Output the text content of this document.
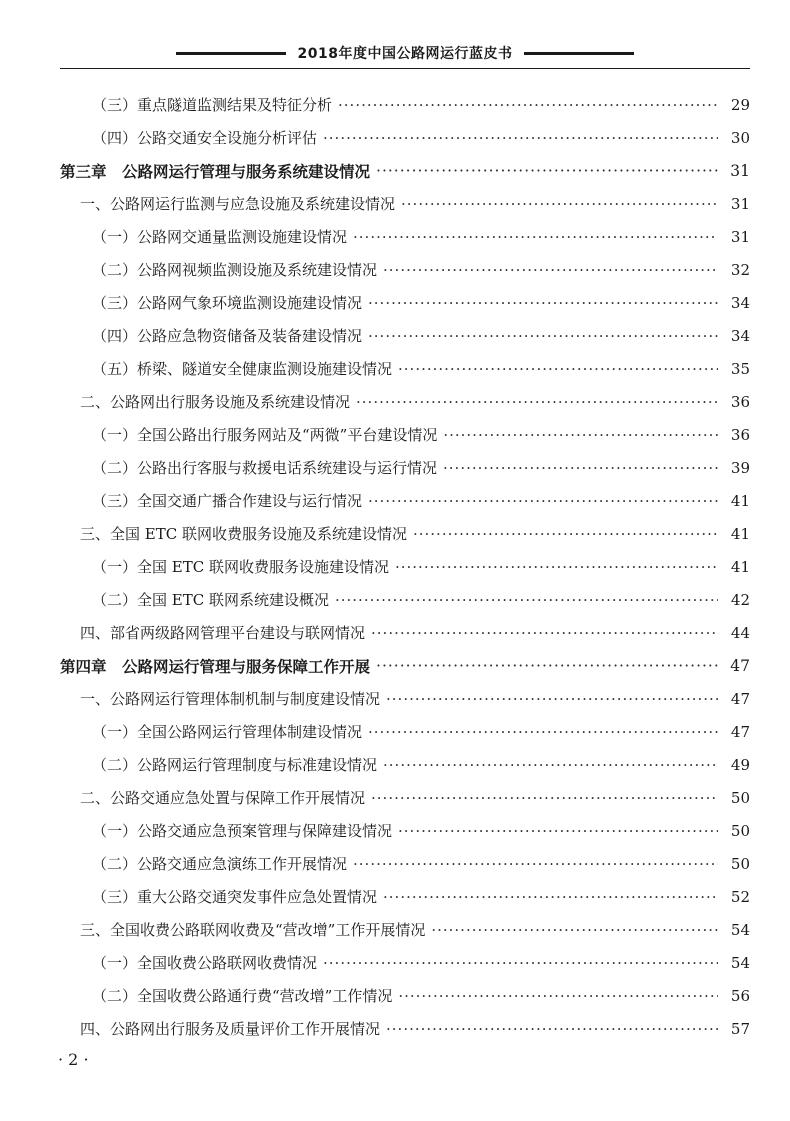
2018年度中国公路网运行蓝皮书
（三）重点隧道监测结果及特征分析 ·····	29
（四）公路交通安全设施分析评估 ·····	30
第三章　公路网运行管理与服务系统建设情况 ·····	31
一、公路网运行监测与应急设施及系统建设情况 ·····	31
（一）公路网交通量监测设施建设情况 ·····	31
（二）公路网视频监测设施及系统建设情况 ·····	32
（三）公路网气象环境监测设施建设情况 ·····	34
（四）公路应急物资储备及装备建设情况 ·····	34
（五）桥梁、隧道安全健康监测设施建设情况 ·····	35
二、公路网出行服务设施及系统建设情况 ·····	36
（一）全国公路出行服务网站及“两微”平台建设情况 ·····	36
（二）公路出行客服与救援电话系统建设与运行情况 ·····	39
（三）全国交通广播合作建设与运行情况 ·····	41
三、全国 ETC 联网收费服务设施及系统建设情况 ·····	41
（一）全国 ETC 联网收费服务设施建设情况 ·····	41
（二）全国 ETC 联网系统建设概况 ·····	42
四、部省两级路网管理平台建设与联网情况 ·····	44
第四章　公路网运行管理与服务保障工作开展 ·····	47
一、公路网运行管理体制机制与制度建设情况 ·····	47
（一）全国公路网运行管理体制建设情况 ·····	47
（二）公路网运行管理制度与标准建设情况 ·····	49
二、公路交通应急处置与保障工作开展情况 ·····	50
（一）公路交通应急预案管理与保障建设情况 ·····	50
（二）公路交通应急演练工作开展情况 ·····	50
（三）重大公路交通突发事件应急处置情况 ·····	52
三、全国收费公路联网收费及“营改增”工作开展情况 ·····	54
（一）全国收费公路联网收费情况 ·····	54
（二）全国收费公路通行费“营改增”工作情况 ·····	56
四、公路网出行服务及质量评价工作开展情况 ·····	57
· 2 ·
